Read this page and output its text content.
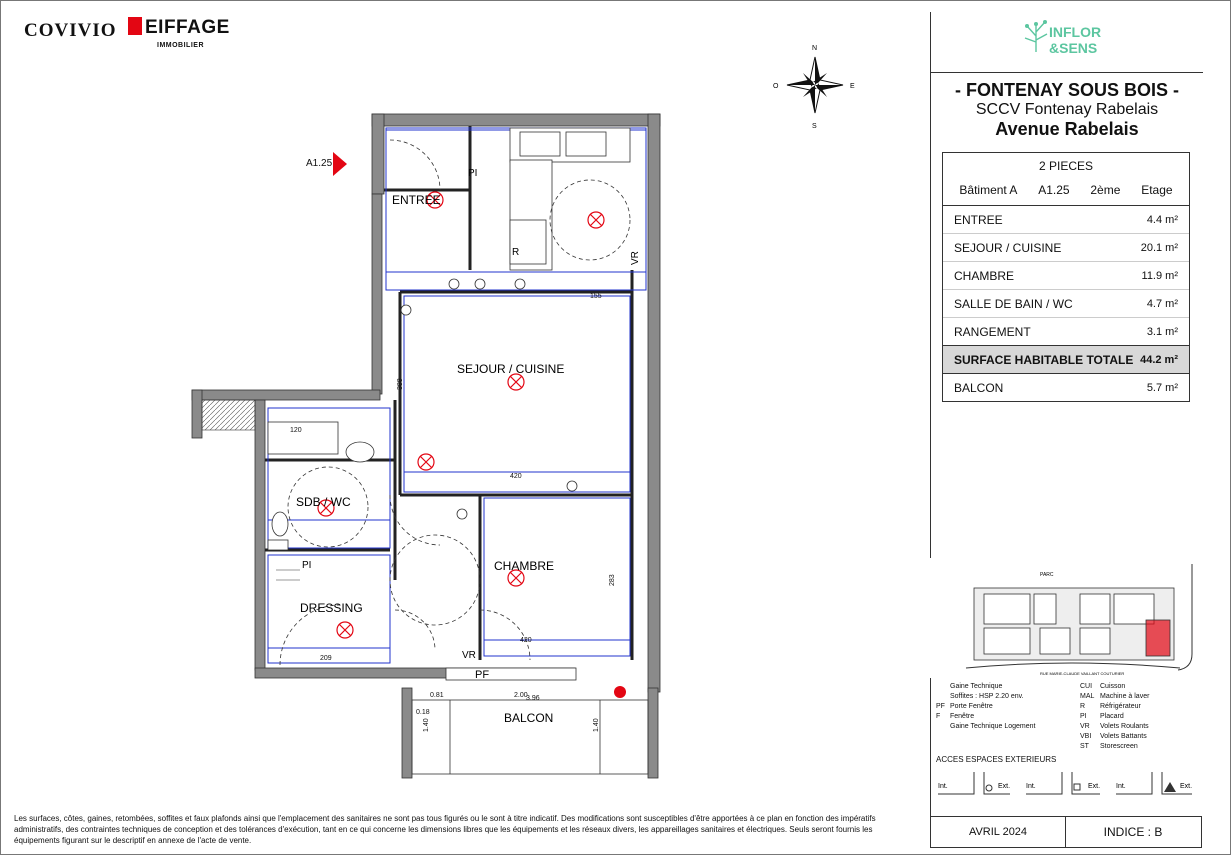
COVIVIO	EIFFAGE
IMMOBILIER	N
S
E
O
A1.25
ENTREE
SEJOUR / CUISINE
CHAMBRE
SDB / WC
DRESSING
BALCON
PF
PI
PI
VR
VR
R
0.81	2.00
3.96
0.18
1.40	1.40
420
420
120
209
388
155
283
INFLOR
&SENS
- FONTENAY SOUS BOIS -
SCCV Fontenay Rabelais
Avenue Rabelais
2 PIECES
Bâtiment A A1.25 2ème Etage
ENTREE	4.4 m²
SEJOUR / CUISINE	20.1 m²
CHAMBRE	11.9 m²
SALLE DE BAIN / WC	4.7 m²
RANGEMENT	3.1 m²
SURFACE HABITABLE TOTALE 44.2 m²
BALCON	5.7 m²
PARC
RUE MARIE-CLAUDE VAILLANT COUTURIER
Gaine Technique
Soffites : HSP 2.20 env.
PF Porte Fenêtre
F Fenêtre
Gaine Technique Logement
CUI Cuisson
MAL Machine à laver
R Réfrigérateur
PI Placard
VR Volets Roulants
VBI Volets Battants
ST Storescreen
ACCES ESPACES EXTERIEURS
Int.	Ext. Int.	Ext. Int.	Ext.
AVRIL 2024	INDICE : B
Les surfaces, côtes, gaines, retombées, soffites et faux plafonds ainsi que l'emplacement des sanitaires ne sont pas tous figurés ou le sont à titre indicatif. Des modifications sont susceptibles d'être apportées à ce plan en fonction des impératifs administratifs, des contraintes techniques de conception et des tolérances d'exécution, tant en ce qui concerne les dimensions libres que les équipements et les réseaux divers, les appareillages sanitaires et électriques. Seuls seront fournis les équipements figurant sur le descriptif en annexe de l'acte de vente.
